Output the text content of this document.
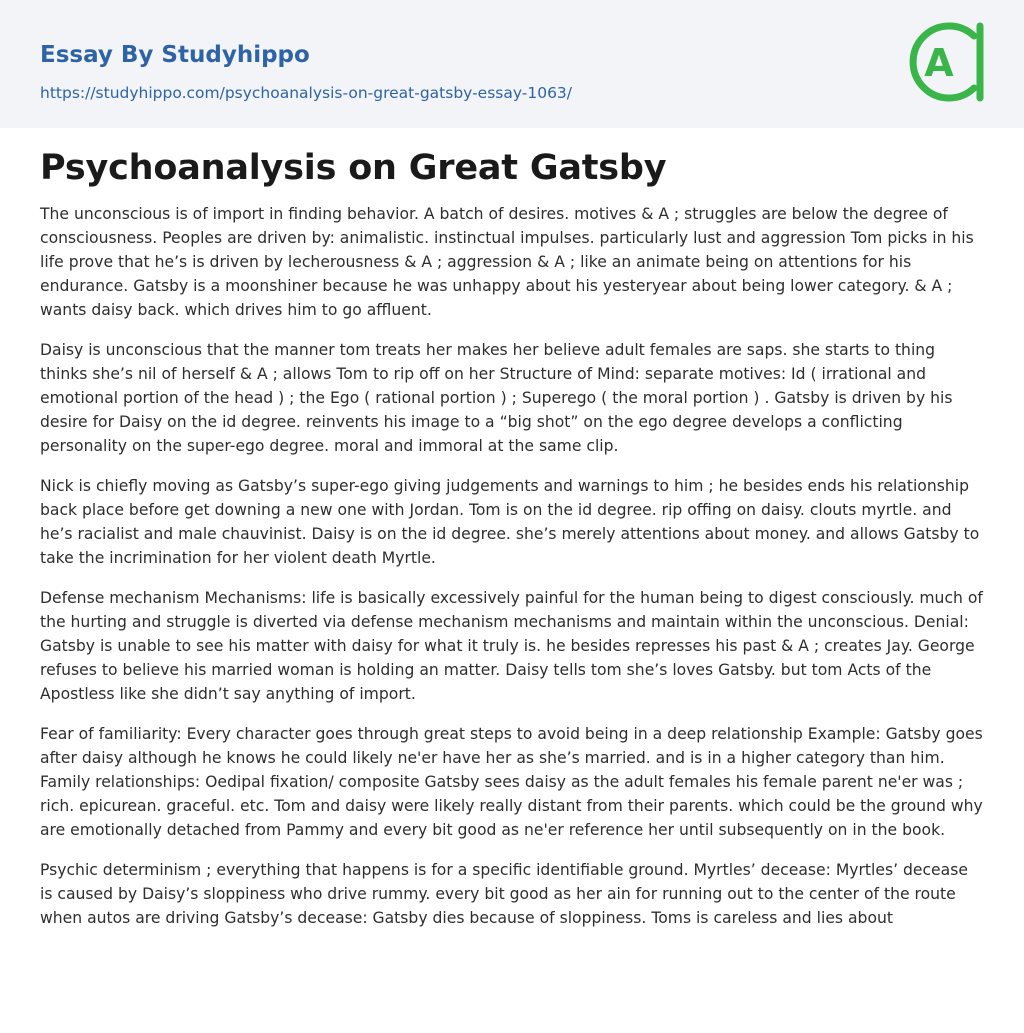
Essay By Studyhippo
https://studyhippo.com/psychoanalysis-on-great-gatsby-essay-1063/
A
Psychoanalysis on Great Gatsby

The unconscious is of import in finding behavior. A batch of desires. motives & A ; struggles are below the degree of consciousness. Peoples are driven by: animalistic. instinctual impulses. particularly lust and aggression Tom picks in his life prove that he’s is driven by lecherousness & A ; aggression & A ; like an animate being on attentions for his endurance. Gatsby is a moonshiner because he was unhappy about his yesteryear about being lower category. & A ; wants daisy back. which drives him to go affluent.

Daisy is unconscious that the manner tom treats her makes her believe adult females are saps. she starts to thing thinks she’s nil of herself & A ; allows Tom to rip off on her Structure of Mind: separate motives: Id ( irrational and emotional portion of the head ) ; the Ego ( rational portion ) ; Superego ( the moral portion ) . Gatsby is driven by his desire for Daisy on the id degree. reinvents his image to a “big shot” on the ego degree develops a conflicting personality on the super-ego degree. moral and immoral at the same clip.

Nick is chiefly moving as Gatsby’s super-ego giving judgements and warnings to him ; he besides ends his relationship back place before get downing a new one with Jordan. Tom is on the id degree. rip offing on daisy. clouts myrtle. and he’s racialist and male chauvinist. Daisy is on the id degree. she’s merely attentions about money. and allows Gatsby to take the incrimination for her violent death Myrtle.

Defense mechanism Mechanisms: life is basically excessively painful for the human being to digest consciously. much of the hurting and struggle is diverted via defense mechanism mechanisms and maintain within the unconscious. Denial: Gatsby is unable to see his matter with daisy for what it truly is. he besides represses his past & A ; creates Jay. George refuses to believe his married woman is holding an matter. Daisy tells tom she’s loves Gatsby. but tom Acts of the Apostless like she didn’t say anything of import.

Fear of familiarity: Every character goes through great steps to avoid being in a deep relationship Example: Gatsby goes after daisy although he knows he could likely ne'er have her as she’s married. and is in a higher category than him. Family relationships: Oedipal fixation/ composite Gatsby sees daisy as the adult females his female parent ne'er was ; rich. epicurean. graceful. etc. Tom and daisy were likely really distant from their parents. which could be the ground why are emotionally detached from Pammy and every bit good as ne'er reference her until subsequently on in the book.

Psychic determinism ; everything that happens is for a specific identifiable ground. Myrtles’ decease: Myrtles’ decease is caused by Daisy’s sloppiness who drive rummy. every bit good as her ain for running out to the center of the route when autos are driving Gatsby’s decease: Gatsby dies because of sloppiness. Toms is careless and lies about
